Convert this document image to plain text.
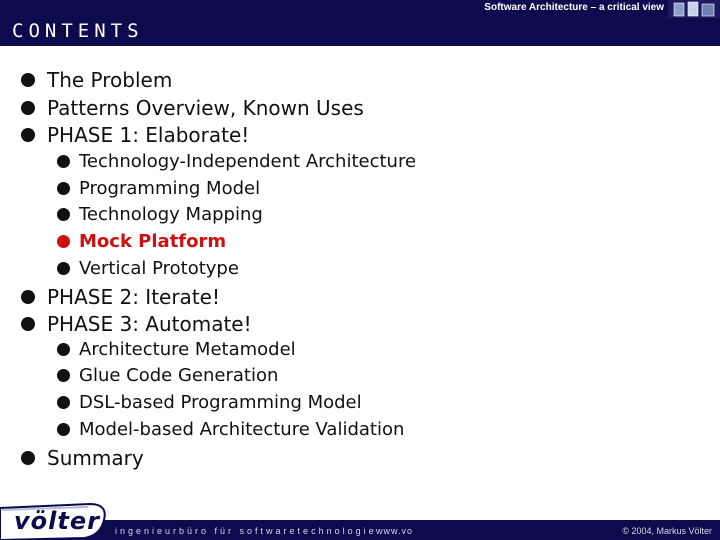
Software Architecture – a critical view
CONTENTS
The Problem
Patterns Overview, Known Uses
PHASE 1: Elaborate!
Technology-Independent Architecture
Programming Model
Technology Mapping
Mock Platform
Vertical Prototype
PHASE 2: Iterate!
PHASE 3: Automate!
Architecture Metamodel
Glue Code Generation
DSL-based Programming Model
Model-based Architecture Validation
Summary
völter ingenieurbüro für softwaretechnologie www.vo	© 2004, Markus Völter
